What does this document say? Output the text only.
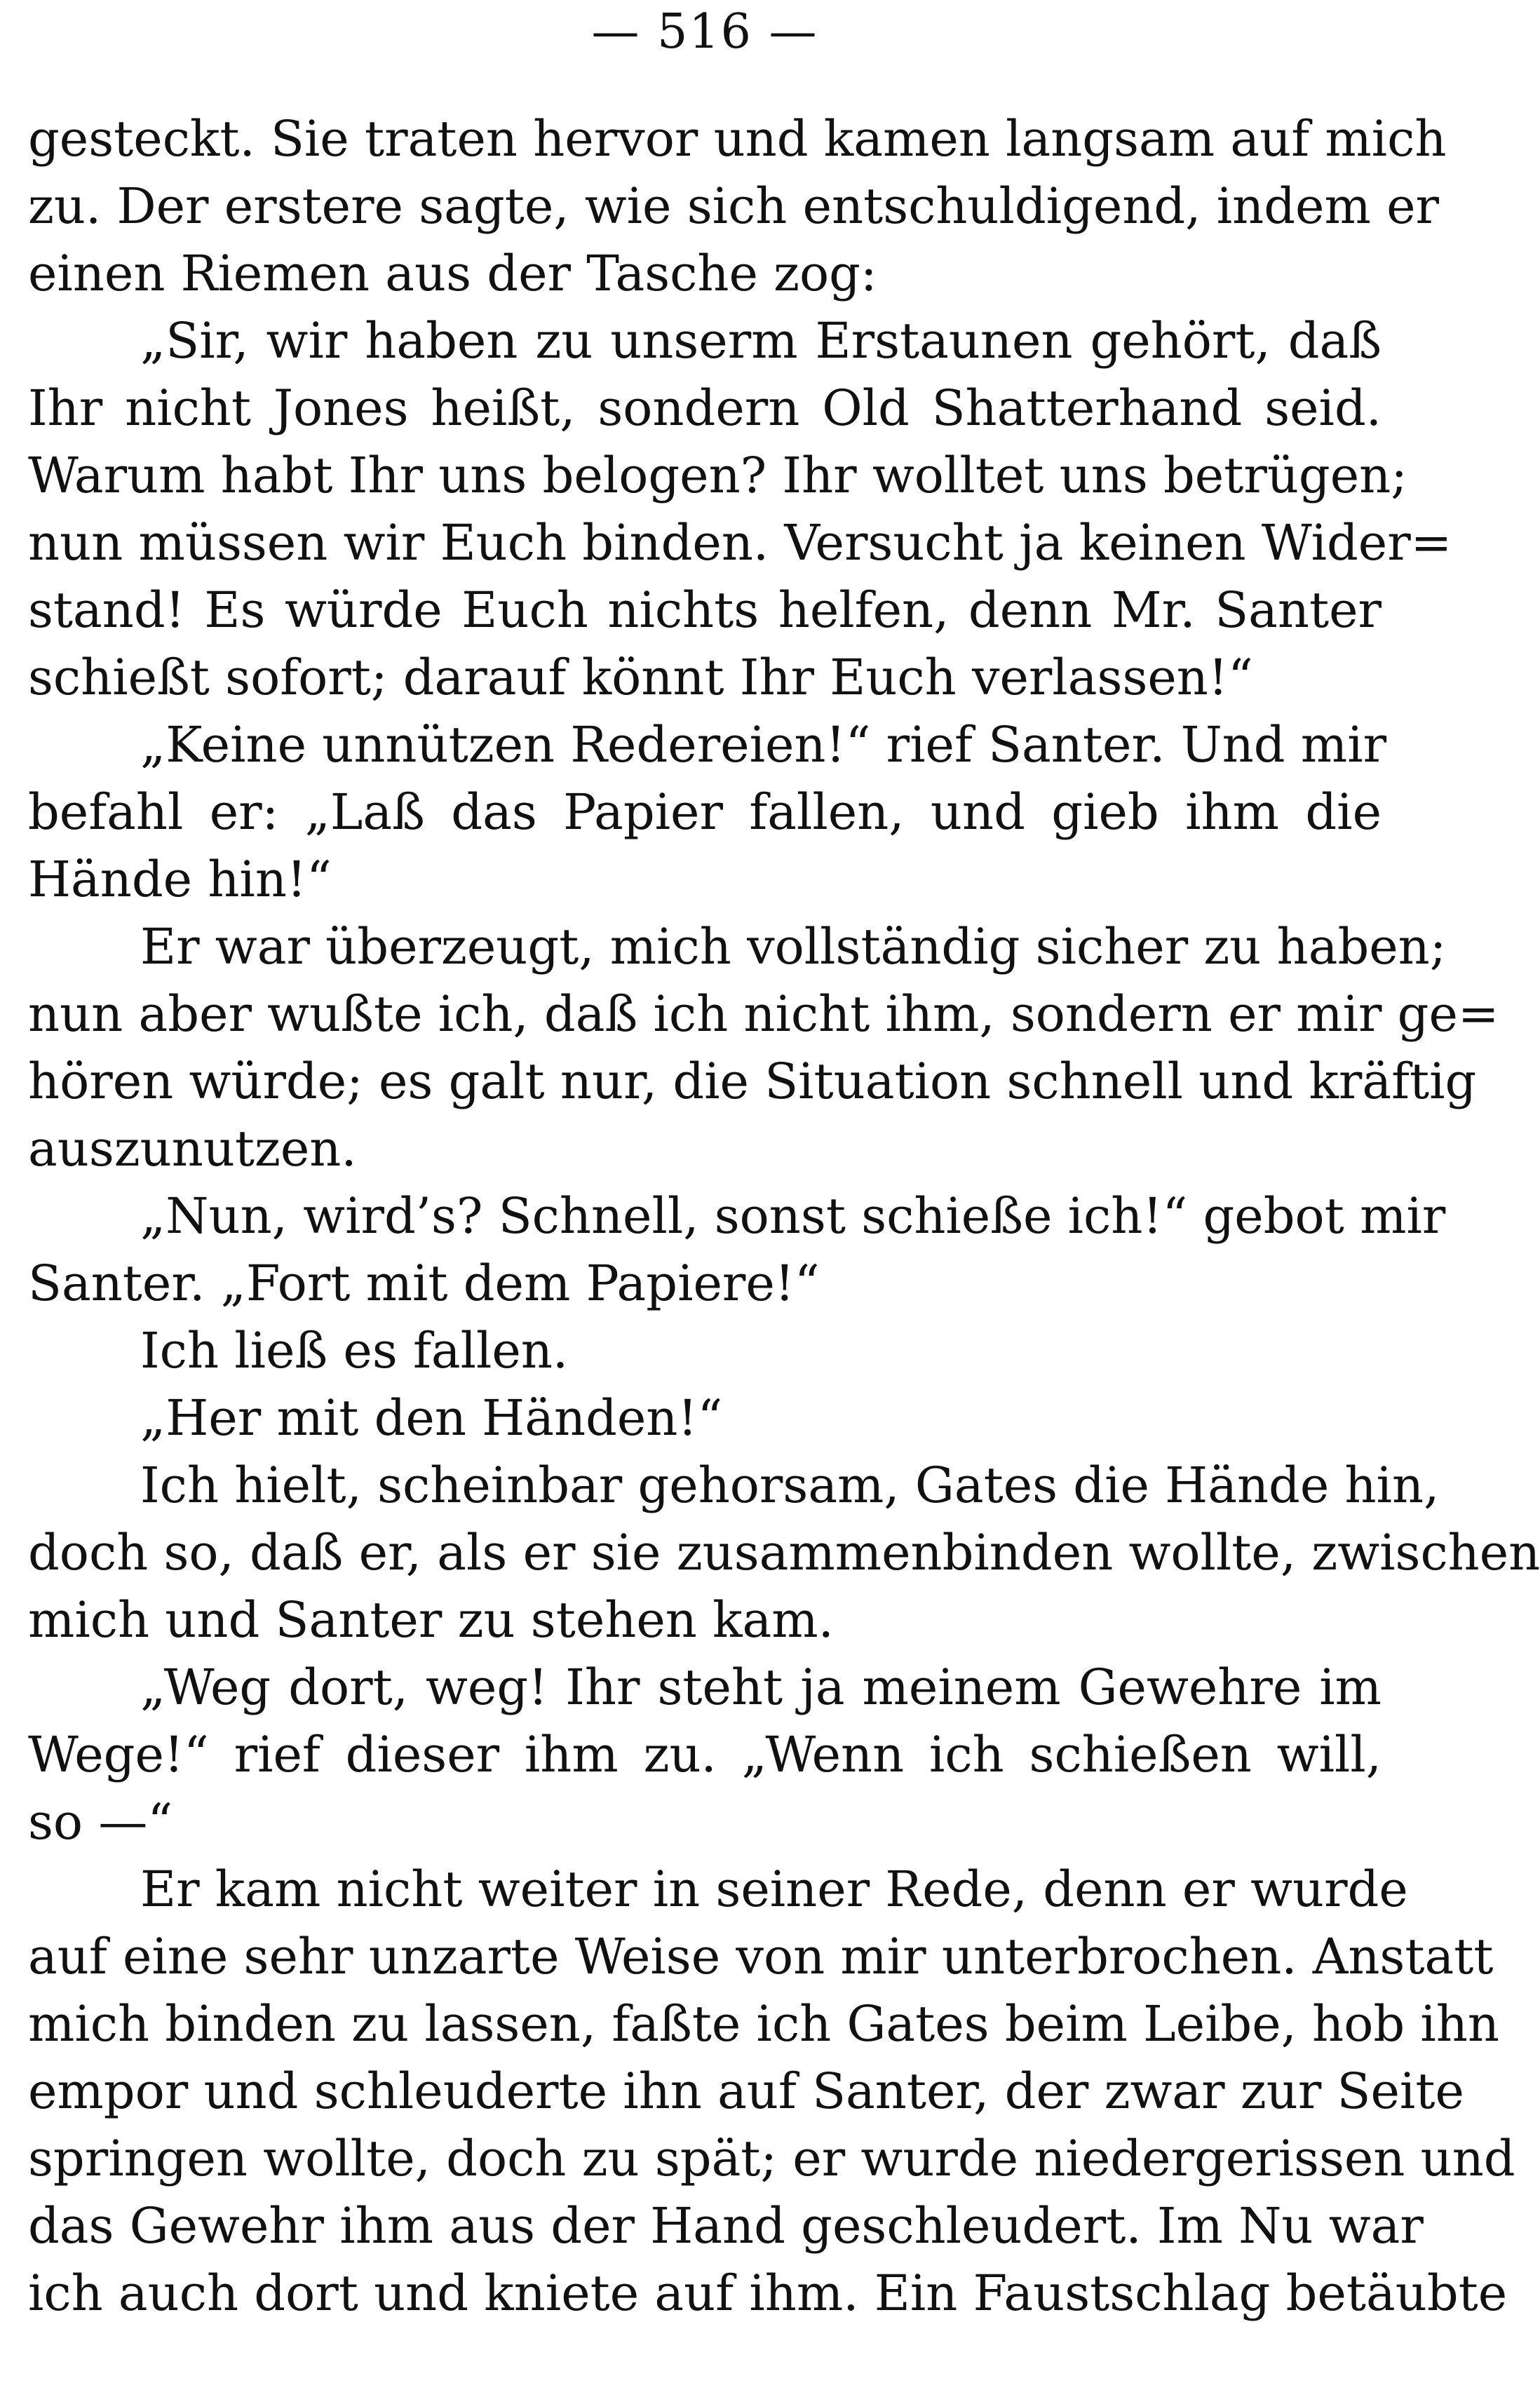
— 516 —
gesteckt. Sie traten hervor und kamen langsam auf mich
zu. Der erstere sagte, wie sich entschuldigend, indem er
einen Riemen aus der Tasche zog:
„Sir, wir haben zu unserm Erstaunen gehört, daß
Ihr nicht Jones heißt, sondern Old Shatterhand seid.
Warum habt Ihr uns belogen? Ihr wolltet uns betrügen;
nun müssen wir Euch binden. Versucht ja keinen Wider=
stand! Es würde Euch nichts helfen, denn Mr. Santer
schießt sofort; darauf könnt Ihr Euch verlassen!“
„Keine unnützen Redereien!“ rief Santer. Und mir
befahl er: „Laß das Papier fallen, und gieb ihm die
Hände hin!“
Er war überzeugt, mich vollständig sicher zu haben;
nun aber wußte ich, daß ich nicht ihm, sondern er mir ge=
hören würde; es galt nur, die Situation schnell und kräftig
auszunutzen.
„Nun, wird’s? Schnell, sonst schieße ich!“ gebot mir
Santer. „Fort mit dem Papiere!“
Ich ließ es fallen.
„Her mit den Händen!“
Ich hielt, scheinbar gehorsam, Gates die Hände hin,
doch so, daß er, als er sie zusammenbinden wollte, zwischen
mich und Santer zu stehen kam.
„Weg dort, weg! Ihr steht ja meinem Gewehre im
Wege!“ rief dieser ihm zu. „Wenn ich schießen will,
so —“
Er kam nicht weiter in seiner Rede, denn er wurde
auf eine sehr unzarte Weise von mir unterbrochen. Anstatt
mich binden zu lassen, faßte ich Gates beim Leibe, hob ihn
empor und schleuderte ihn auf Santer, der zwar zur Seite
springen wollte, doch zu spät; er wurde niedergerissen und
das Gewehr ihm aus der Hand geschleudert. Im Nu war
ich auch dort und kniete auf ihm. Ein Faustschlag betäubte
